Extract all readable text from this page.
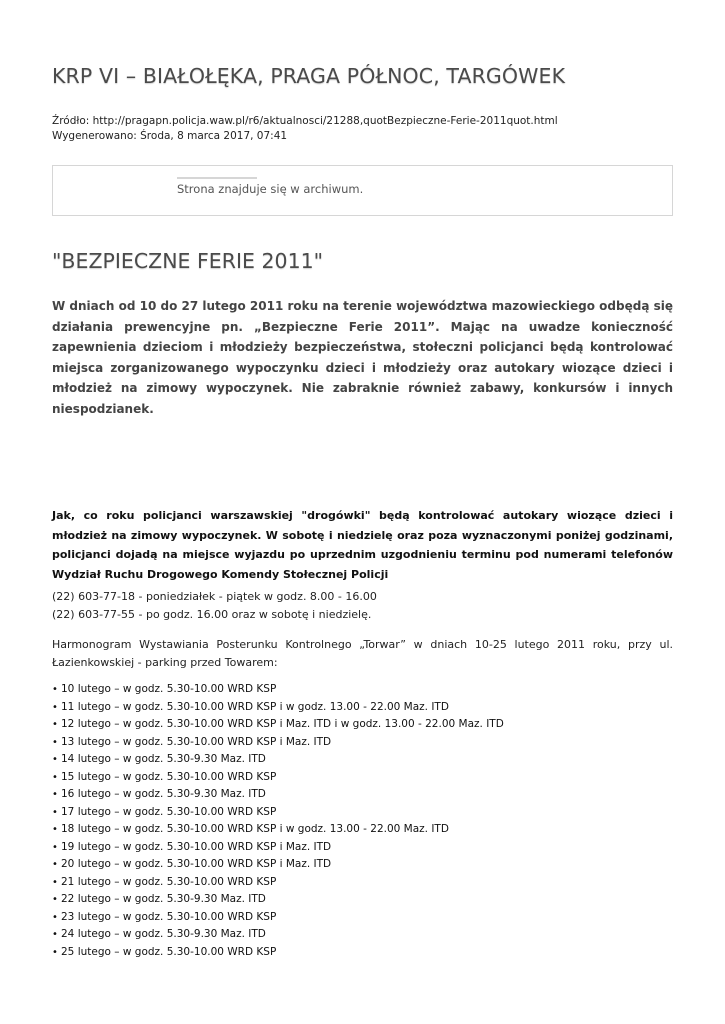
KRP VI – BIAŁOŁĘKA, PRAGA PÓŁNOC, TARGÓWEK
Źródło: http://pragapn.policja.waw.pl/r6/aktualnosci/21288,quotBezpieczne-Ferie-2011quot.html
Wygenerowano: Środa, 8 marca 2017, 07:41
Strona znajduje się w archiwum.
"BEZPIECZNE FERIE 2011"

W dniach od 10 do 27 lutego 2011 roku na terenie województwa mazowieckiego odbędą się działania prewencyjne pn. „Bezpieczne Ferie 2011”. Mając na uwadze konieczność zapewnienia dzieciom i młodzieży bezpieczeństwa, stołeczni policjanci będą kontrolować miejsca zorganizowanego wypoczynku dzieci i młodzieży oraz autokary wiozące dzieci i młodzież na zimowy wypoczynek. Nie zabraknie również zabawy, konkursów i innych niespodzianek.

Jak, co roku policjanci warszawskiej "drogówki" będą kontrolować autokary wiozące dzieci i młodzież na zimowy wypoczynek. W sobotę i niedzielę oraz poza wyznaczonymi poniżej godzinami, policjanci dojadą na miejsce wyjazdu po uprzednim uzgodnieniu terminu pod numerami telefonów Wydział Ruchu Drogowego Komendy Stołecznej Policji

(22) 603-77-18 - poniedziałek - piątek w godz. 8.00 - 16.00
(22) 603-77-55 - po godz. 16.00 oraz w sobotę i niedzielę.

Harmonogram Wystawiania Posterunku Kontrolnego „Torwar” w dniach 10-25 lutego 2011 roku, przy ul. Łazienkowskiej - parking przed Towarem:

• 10 lutego – w godz. 5.30-10.00 WRD KSP
• 11 lutego – w godz. 5.30-10.00 WRD KSP i w godz. 13.00 - 22.00 Maz. ITD
• 12 lutego – w godz. 5.30-10.00 WRD KSP i Maz. ITD i w godz. 13.00 - 22.00 Maz. ITD
• 13 lutego – w godz. 5.30-10.00 WRD KSP i Maz. ITD
• 14 lutego – w godz. 5.30-9.30 Maz. ITD
• 15 lutego – w godz. 5.30-10.00 WRD KSP
• 16 lutego – w godz. 5.30-9.30 Maz. ITD
• 17 lutego – w godz. 5.30-10.00 WRD KSP
• 18 lutego – w godz. 5.30-10.00 WRD KSP i w godz. 13.00 - 22.00 Maz. ITD
• 19 lutego – w godz. 5.30-10.00 WRD KSP i Maz. ITD
• 20 lutego – w godz. 5.30-10.00 WRD KSP i Maz. ITD
• 21 lutego – w godz. 5.30-10.00 WRD KSP
• 22 lutego – w godz. 5.30-9.30 Maz. ITD
• 23 lutego – w godz. 5.30-10.00 WRD KSP
• 24 lutego – w godz. 5.30-9.30 Maz. ITD
• 25 lutego – w godz. 5.30-10.00 WRD KSP
